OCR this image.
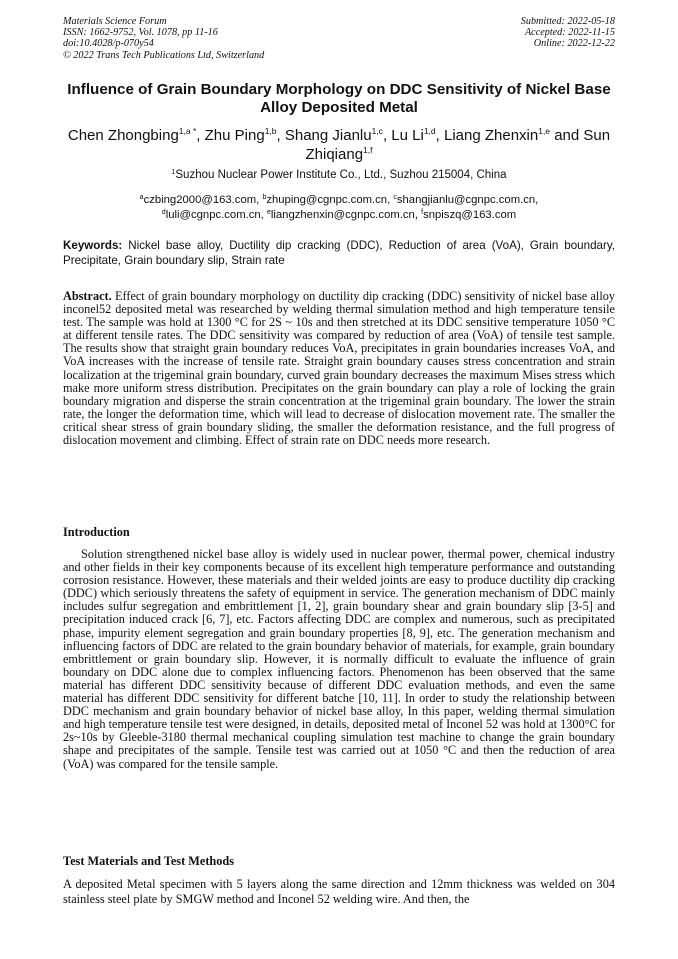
Materials Science Forum
ISSN: 1662-9752, Vol. 1078, pp 11-16
doi:10.4028/p-070y54
© 2022 Trans Tech Publications Ltd, Switzerland
Submitted: 2022-05-18
Accepted: 2022-11-15
Online: 2022-12-22
Influence of Grain Boundary Morphology on DDC Sensitivity of Nickel Base Alloy Deposited Metal
Chen Zhongbing$^{1,a *}$, Zhu Ping$^{1,b}$, Shang Jianlu$^{1,c}$, Lu Li$^{1,d}$, Liang Zhenxin$^{1,e}$ and Sun Zhiqiang$^{1,f}$
$^1$Suzhou Nuclear Power Institute Co., Ltd., Suzhou 215004, China
$^a$czbing2000@163.com, $^b$zhuping@cgnpc.com.cn, $^c$shangjianlu@cgnpc.com.cn,
$^d$luli@cgnpc.com.cn, $^e$liangzhenxin@cgnpc.com.cn, $^f$snpiszq@163.com
Keywords: Nickel base alloy, Ductility dip cracking (DDC), Reduction of area (VoA), Grain boundary, Precipitate, Grain boundary slip, Strain rate
Abstract. Effect of grain boundary morphology on ductility dip cracking (DDC) sensitivity of nickel base alloy inconel52 deposited metal was researched by welding thermal simulation method and high temperature tensile test. The sample was hold at 1300 °C for 2S ~ 10s and then stretched at its DDC sensitive temperature 1050 °C at different tensile rates. The DDC sensitivity was compared by reduction of area (VoA) of tensile test sample. The results show that straight grain boundary reduces VoA, precipitates in grain boundaries increases VoA, and VoA increases with the increase of tensile rate. Straight grain boundary causes stress concentration and strain localization at the trigeminal grain boundary, curved grain boundary decreases the maximum Mises stress which make more uniform stress distribution. Precipitates on the grain boundary can play a role of locking the grain boundary migration and disperse the strain concentration at the trigeminal grain boundary. The lower the strain rate, the longer the deformation time, which will lead to decrease of dislocation movement rate. The smaller the critical shear stress of grain boundary sliding, the smaller the deformation resistance, and the full progress of dislocation movement and climbing. Effect of strain rate on DDC needs more research.
Introduction
Solution strengthened nickel base alloy is widely used in nuclear power, thermal power, chemical industry and other fields in their key components because of its excellent high temperature performance and outstanding corrosion resistance. However, these materials and their welded joints are easy to produce ductility dip cracking (DDC) which seriously threatens the safety of equipment in service. The generation mechanism of DDC mainly includes sulfur segregation and embrittlement [1, 2], grain boundary shear and grain boundary slip [3-5] and precipitation induced crack [6, 7], etc. Factors affecting DDC are complex and numerous, such as precipitated phase, impurity element segregation and grain boundary properties [8, 9], etc. The generation mechanism and influencing factors of DDC are related to the grain boundary behavior of materials, for example, grain boundary embrittlement or grain boundary slip. However, it is normally difficult to evaluate the influence of grain boundary on DDC alone due to complex influencing factors. Phenomenon has been observed that the same material has different DDC sensitivity because of different DDC evaluation methods, and even the same material has different DDC sensitivity for different batche [10, 11]. In order to study the relationship between DDC mechanism and grain boundary behavior of nickel base alloy, In this paper, welding thermal simulation and high temperature tensile test were designed, in details, deposited metal of Inconel 52 was hold at 1300°C for 2s~10s by Gleeble-3180 thermal mechanical coupling simulation test machine to change the grain boundary shape and precipitates of the sample. Tensile test was carried out at 1050 °C and then the reduction of area (VoA) was compared for the tensile sample.
Test Materials and Test Methods
A deposited Metal specimen with 5 layers along the same direction and 12mm thickness was welded on 304 stainless steel plate by SMGW method and Inconel 52 welding wire. And then, the
